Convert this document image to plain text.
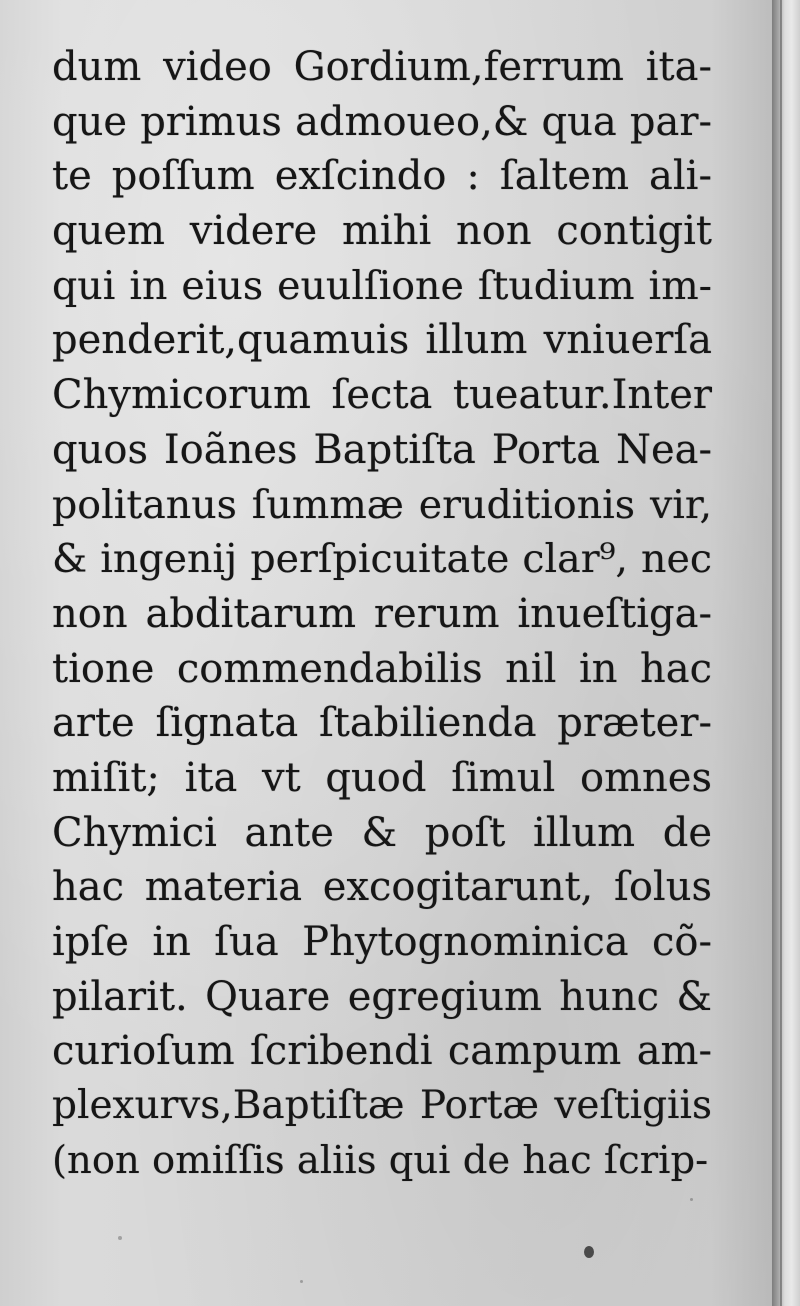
dum video Gordium,ferrum ita-
que primus admoueo,& qua par-
te poſſum exſcindo : ſaltem ali-
quem videre mihi non contigit
qui in eius euulſione ſtudium im-
penderit,quamuis illum vniuerſa
Chymicorum ſecta tueatur.Inter
quos Ioãnes Baptiſta Porta Nea-
politanus ſummæ eruditionis vir,
& ingenij perſpicuitate clar⁹, nec
non abditarum rerum inueſtiga-
tione commendabilis nil in hac
arte ſignata ſtabilienda præter-
miſit; ita vt quod ſimul omnes
Chymici ante & poſt illum de
hac materia excogitarunt, ſolus
ipſe in ſua Phytognominica cõ-
pilarit. Quare egregium hunc &
curioſum ſcribendi campum am-
plexurvs,Baptiſtæ Portæ veſtigiis
(non omiſſis aliis qui de hac ſcrip-
